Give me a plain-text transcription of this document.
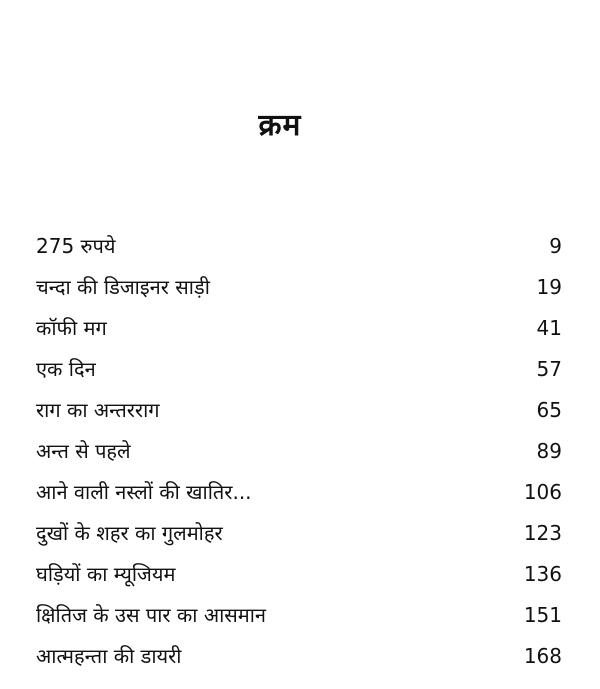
क्रम
275 रुपये	9
चन्दा की डिजाइनर साड़ी	19
कॉफी मग	41
एक दिन	57
राग का अन्तरराग	65
अन्त से पहले	89
आने वाली नस्लों की खातिर...	106
दुखों के शहर का गुलमोहर	123
घड़ियों का म्यूजियम	136
क्षितिज के उस पार का आसमान	151
आत्महन्ता की डायरी	168
